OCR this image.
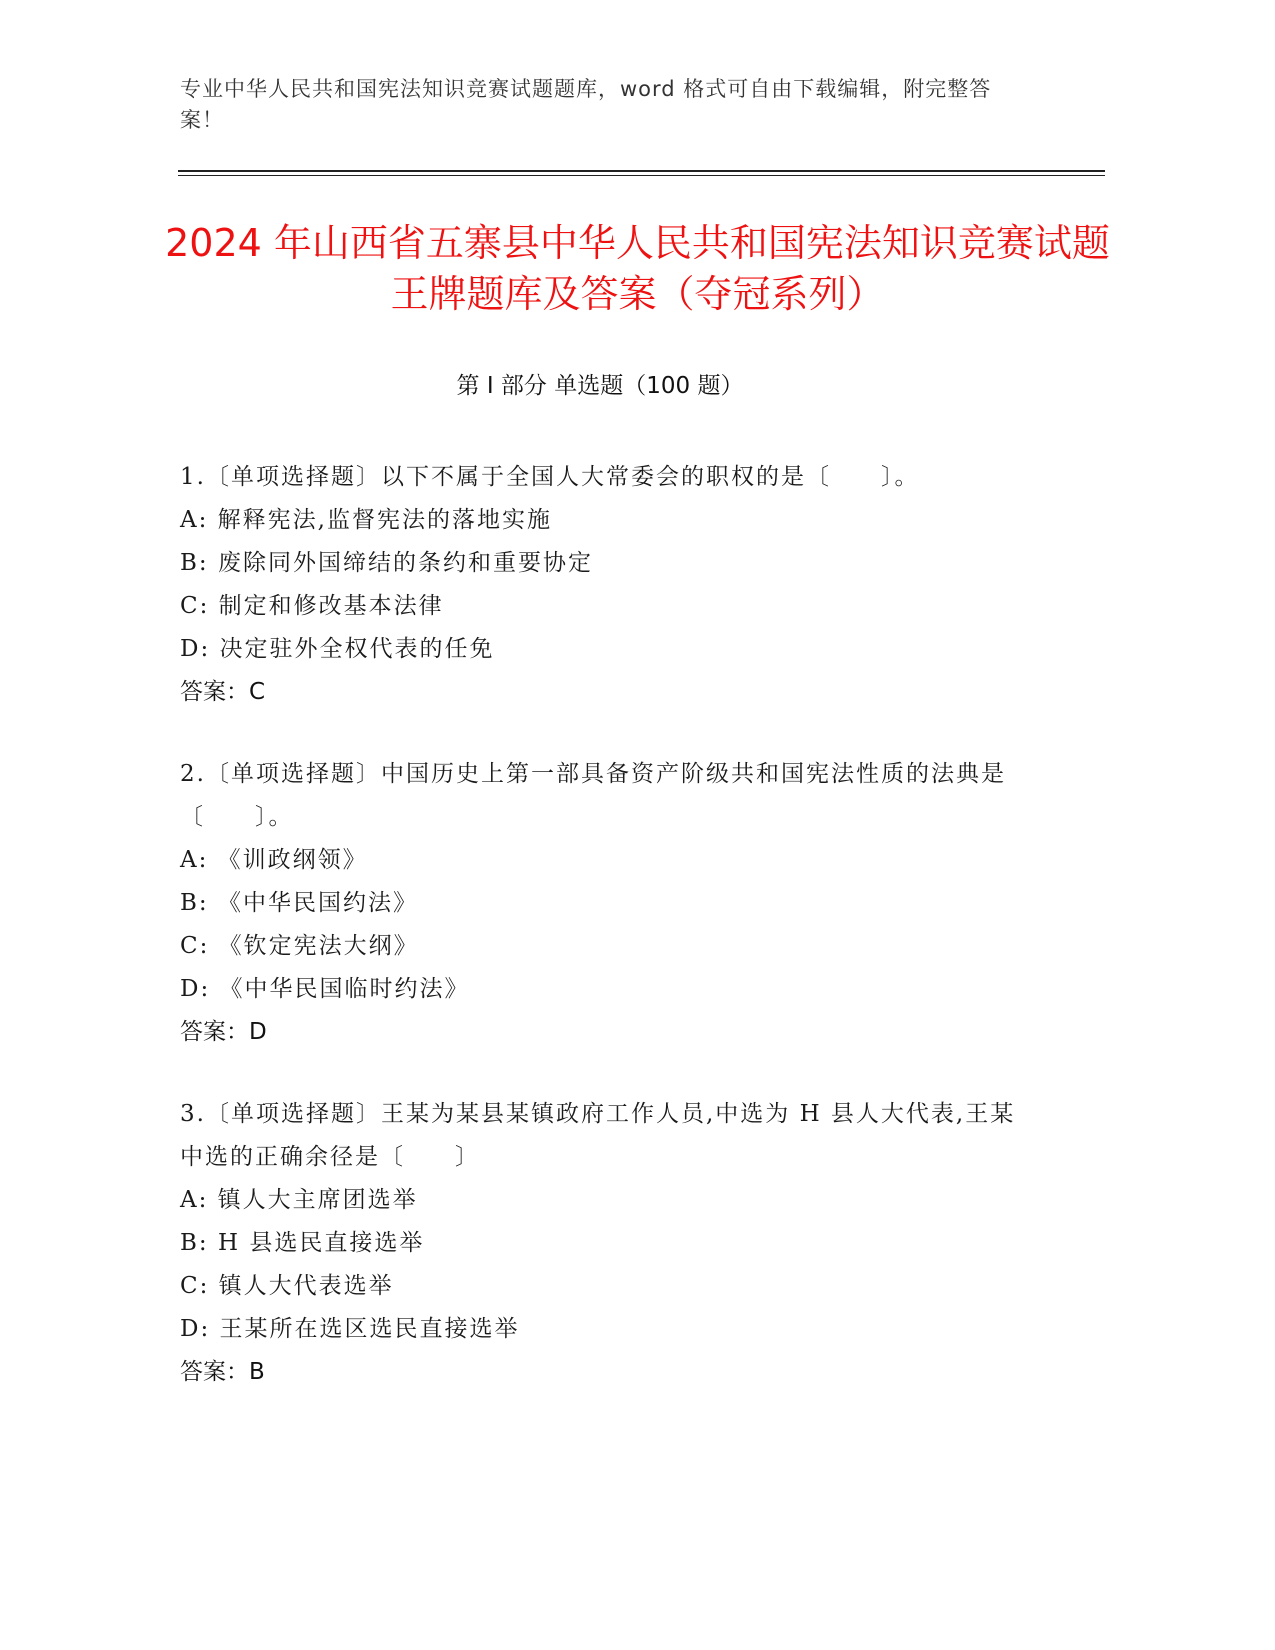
专业中华人民共和国宪法知识竞赛试题题库，word 格式可自由下载编辑，附完整答案！
2024 年山西省五寨县中华人民共和国宪法知识竞赛试题王牌题库及答案（夺冠系列）
第 I 部分 单选题（100 题）
1.〔单项选择题〕以下不属于全国人大常委会的职权的是〔　　〕。
A: 解释宪法,监督宪法的落地实施
B: 废除同外国缔结的条约和重要协定
C: 制定和修改基本法律
D: 决定驻外全权代表的任免
答案：C
2.〔单项选择题〕中国历史上第一部具备资产阶级共和国宪法性质的法典是〔　　〕。
A: 《训政纲领》
B: 《中华民国约法》
C: 《钦定宪法大纲》
D: 《中华民国临时约法》
答案：D
3.〔单项选择题〕王某为某县某镇政府工作人员,中选为 H 县人大代表,王某中选的正确余径是〔　　〕
A: 镇人大主席团选举
B: H 县选民直接选举
C: 镇人大代表选举
D: 王某所在选区选民直接选举
答案：B
